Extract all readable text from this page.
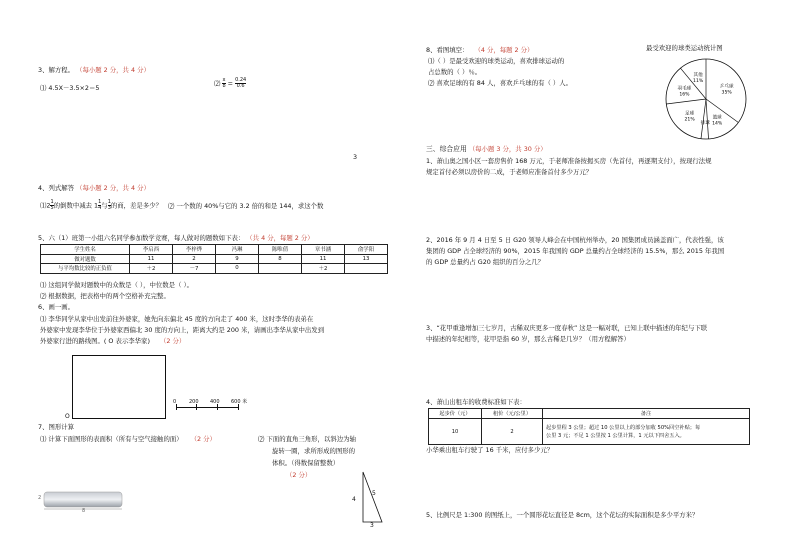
3、解方程。 （每小题 2 分，共 4 分）
⑴ 4.5X－3.5×2＝5
⑵ $\frac{x}{8} = \frac{0.24}{0.6}$
3
4、列式解答 （每小题 2 分，共 4 分）
⑴2 $\frac{1}{5}$ 的倒数中减去 $1 \frac{1}{4}$ 与 $\frac{1}{3}$ 的商，差是多少？ ⑵ 一个数的 40%与它的 3.2 倍的和是 144，求这个数
5、六（1）班第一小组六名同学参加数学竞赛，每人做对的题数如下表： （共 4 分，每题 2 分）
学生姓名	李启西	李梓烨	冯琳	陈唯倩	章书涵	俞学阳
做对题数	11	2	9	8	11	13
与平均数比较的正负值	＋2	－7	0		＋2	
⑴ 这组同学做对题数中的众数是（ ），中位数是（ ）。
⑵ 根据数据，把表格中的两个空格补充完整。
6、画一画。
⑴ 李华同学从家中出发前往外婆家，她先向东偏北 45 度的方向走了 400 米，这时李华的表弟在
外婆家中发现李华位于外婆家西偏北 30 度的方向上，距离大约是 200 米，请画出李华从家中出发到
外婆家行进的路线图。( O 表示李华家) （2 分）
O
0	200 400 600 米
7、图形计算
⑴ 计算下面图形的表面积（所有与空气接触的面） （2 分）	⑵ 下面的直角三角形，以斜边为轴
旋转一圈，求所形成的图形的
体积。（得数保留整数）
（2 分）
2
8
4
3
5
8、看图填空： （4 分，每题 2 分）
⑴（ ）是最受欢迎的球类运动，喜欢排球运动的
占总数的（ ）％。
⑵ 喜欢足球的有 84 人，喜欢乒乓球的有（ ）人。
最受欢迎的球类运动统计图
乒乓球
35%
篮球
14%
排球
足球
21%
羽毛球
16%
其他
11%
三、综合应用 （每小题 3 分，共 30 分）
1、萧山奥之国小区一套房售价 168 万元，于老师准备按揭买房（先首付，再逐期支付），按现行法规
规定首付必须以房价的二成，于老师应准备首付多少万元？
2、2016 年 9 月 4 日至 5 日 G20 领导人峰会在中国杭州举办，20 国集团成员涵盖面广，代表性强，该
集团的 GDP 占全球经济的 90%，2015 年我国的 GDP 总量约占全球经济的 15.5%，那么 2015 年我国
的 GDP 总量约占 G20 组织的百分之几？
3、“花甲重逢增加三七岁月，古稀双庆更多一度春秋” 这是一幅对联，已知上联中描述的年纪与下联
中描述的年纪相等，花甲是指 60 岁，那么古稀是几岁？（用方程解答）
4、萧山出租车的收费标准如下表：
起步价（元）	租价（元/公里）	备注
10	2	起步里程 3 公里；超过 10 公里以上的部分加收 50%回空补贴；每
公里 3 元；不足 1 公里按 1 公里计算，1 元以下四舍五入。
小华乘出租车行驶了 16 千米，应付多少元？
5、比例尺是 1:300 的图纸上，一个圆形花坛直径是 8cm，这个花坛的实际面积是多少平方米？
